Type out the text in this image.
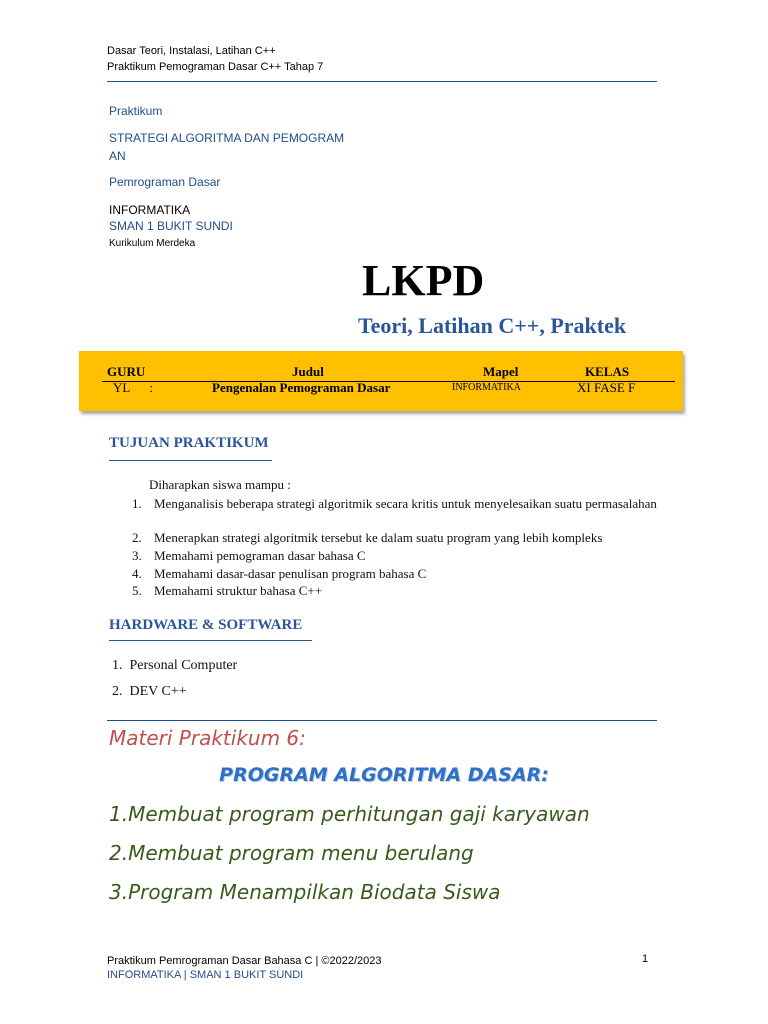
Dasar Teori, Instalasi, Latihan C++
Praktikum Pemograman Dasar C++ Tahap 7
Praktikum
STRATEGI ALGORITMA DAN PEMOGRAM
AN
Pemrograman Dasar
INFORMATIKA
SMAN 1 BUKIT SUNDI
Kurikulum Merdeka
LKPD
Teori, Latihan C++, Praktek
GURU	Judul	Mapel	KELAS
YL      :	Pengenalan Pemograman Dasar	INFORMATIKA	XI FASE F
TUJUAN PRAKTIKUM
Diharapkan siswa mampu :
1. Menganalisis beberapa strategi algoritmik secara kritis untuk menyelesaikan suatu permasalahan
2. Menerapkan strategi algoritmik tersebut ke dalam suatu program yang lebih kompleks
3. Memahami pemograman dasar bahasa C
4. Memahami dasar-dasar penulisan program bahasa C
5. Memahami struktur bahasa C++
HARDWARE & SOFTWARE
1. Personal Computer
2. DEV C++
Materi Praktikum 6:
PROGRAM ALGORITMA DASAR:
1.Membuat program perhitungan gaji karyawan
2.Membuat program menu berulang
3.Program Menampilkan Biodata Siswa
Praktikum Pemrograman Dasar Bahasa C | ©2022/2023
INFORMATIKA | SMAN 1 BUKIT SUNDI
1
